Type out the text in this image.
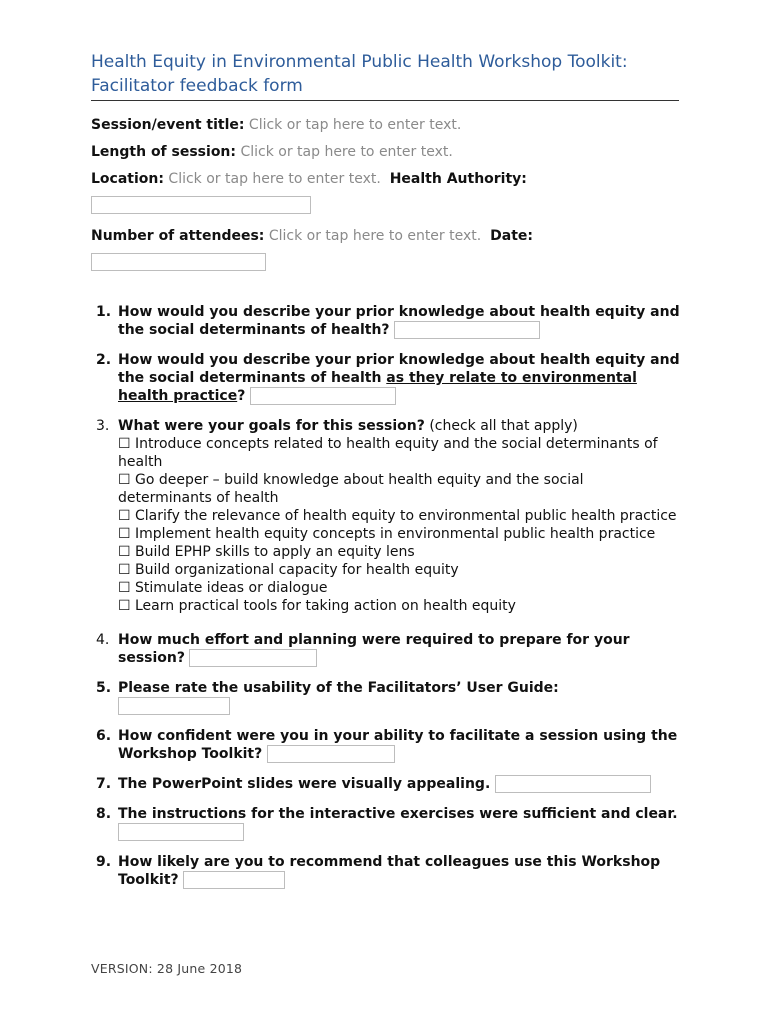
Health Equity in Environmental Public Health Workshop Toolkit: Facilitator feedback form
Session/event title: Click or tap here to enter text.
Length of session: Click or tap here to enter text.
Location: Click or tap here to enter text. Health Authority:
Number of attendees: Click or tap here to enter text. Date:
1. How would you describe your prior knowledge about health equity and the social determinants of health?
2. How would you describe your prior knowledge about health equity and the social determinants of health as they relate to environmental health practice?
3. What were your goals for this session? (check all that apply)
☐ Introduce concepts related to health equity and the social determinants of health
☐ Go deeper – build knowledge about health equity and the social determinants of health
☐ Clarify the relevance of health equity to environmental public health practice
☐ Implement health equity concepts in environmental public health practice
☐ Build EPHP skills to apply an equity lens
☐ Build organizational capacity for health equity
☐ Stimulate ideas or dialogue
☐ Learn practical tools for taking action on health equity
4. How much effort and planning were required to prepare for your session?
5. Please rate the usability of the Facilitators’ User Guide:

6. How confident were you in your ability to facilitate a session using the Workshop Toolkit?
7. The PowerPoint slides were visually appealing.
8. The instructions for the interactive exercises were sufficient and clear.
9. How likely are you to recommend that colleagues use this Workshop Toolkit?
VERSION: 28 June 2018
